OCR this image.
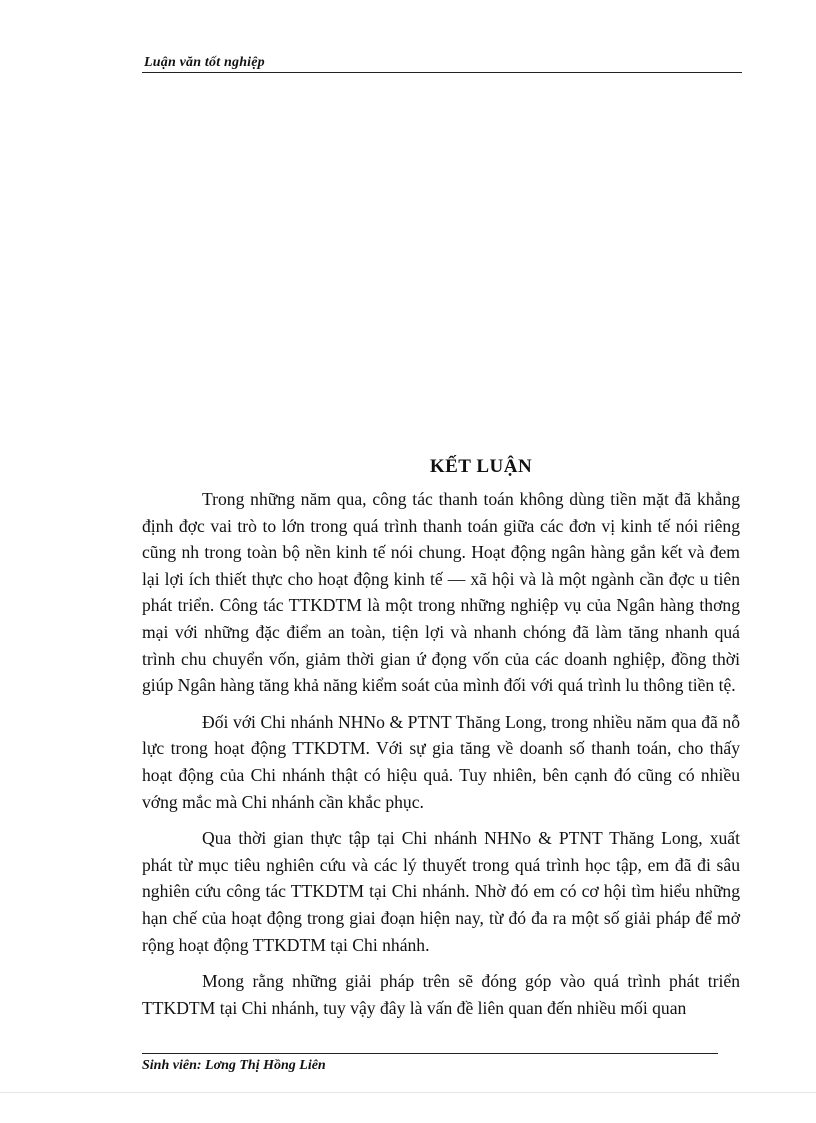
Luận văn tốt nghiệp
KẾT LUẬN

Trong những năm qua, công tác thanh toán không dùng tiền mặt đã khẳng định đợc vai trò to lớn trong quá trình thanh toán giữa các đơn vị kinh tế nói riêng cũng nh trong toàn bộ nền kinh tế nói chung. Hoạt động ngân hàng gắn kết và đem lại lợi ích thiết thực cho hoạt động kinh tế — xã hội và là một ngành cần đợc u tiên phát triển. Công tác TTKDTM là một trong những nghiệp vụ của Ngân hàng thơng mại với những đặc điểm an toàn, tiện lợi và nhanh chóng đã làm tăng nhanh quá trình chu chuyển vốn, giảm thời gian ứ đọng vốn của các doanh nghiệp, đồng thời giúp Ngân hàng tăng khả năng kiểm soát của mình đối với quá trình lu thông tiền tệ.

Đối với Chi nhánh NHNo & PTNT Thăng Long, trong nhiều năm qua đã nỗ lực trong hoạt động TTKDTM. Với sự gia tăng về doanh số thanh toán, cho thấy hoạt động của Chi nhánh thật có hiệu quả. Tuy nhiên, bên cạnh đó cũng có nhiều vớng mắc mà Chi nhánh cần khắc phục.

Qua thời gian thực tập tại Chi nhánh NHNo & PTNT Thăng Long, xuất phát từ mục tiêu nghiên cứu và các lý thuyết trong quá trình học tập, em đã đi sâu nghiên cứu công tác TTKDTM tại Chi nhánh. Nhờ đó em có cơ hội tìm hiểu những hạn chế của hoạt động trong giai đoạn hiện nay, từ đó đa ra một số giải pháp để mở rộng hoạt động TTKDTM tại Chi nhánh.

Mong rằng những giải pháp trên sẽ đóng góp vào quá trình phát triển TTKDTM tại Chi nhánh, tuy vậy đây là vấn đề liên quan đến nhiều mối quan

Sinh viên: Lơng Thị Hồng Liên
